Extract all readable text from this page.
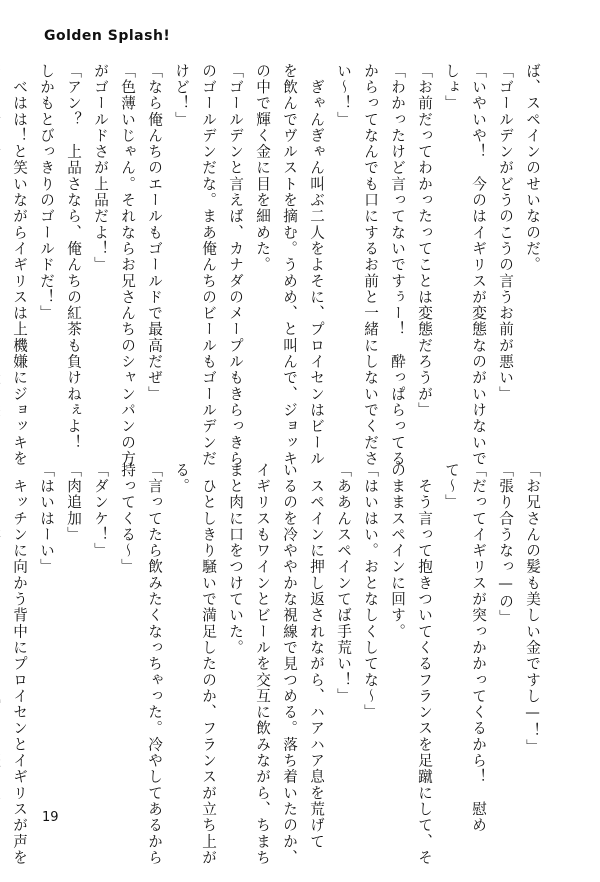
Golden Splash!
ば、スペインのせいなのだ。
「ゴールデンがどうのこうの言うお前が悪い」
「いやいや！　今のはイギリスが変態なのがいけないで
しょ」
「お前だってわかったってことは変態だろうが」
「わかったけど言ってないですぅー！　酔っぱらってる
からってなんでも口にするお前と一緒にしないでくださ
い〜！」
　ぎゃんぎゃん叫ぶ二人をよそに、プロイセンはビール
を飲んでヴルストを摘む。うめめ、と叫んで、ジョッキ
の中で輝く金に目を細めた。
「ゴールデンと言えば、カナダのメープルもきらっきら
のゴールデンだな。まあ俺んちのビールもゴールデンだ
けど！」
「なら俺んちのエールもゴールドで最高だぜ」
「色薄いじゃん。それならお兄さんちのシャンパンの方
がゴールドさが上品だよ！」
「アン？　上品さなら、俺んちの紅茶も負けねぇよ！
しかもとびっきりのゴールドだ！」
　べはは！と笑いながらイギリスは上機嫌にジョッキを
「お兄さんの髪も美しい金ですし—！」
「張り合うなっ—の」
「だってイギリスが突っかかってくるから！　慰め
て〜」
　そう言って抱きついてくるフランスを足蹴にして、そ
のままスペインに回す。
「はいはい。おとなしくしてな〜」
「ああんスペインてば手荒い！」
　スペインに押し返されながら、ハアハア息を荒げて
いるのを冷ややかな視線で見つめる。落ち着いたのか、
イギリスもワインとビールを交互に飲みながら、ちまち
まと肉に口をつけていた。
　ひとしきり騒いで満足したのか、フランスが立ち上が
る。
「言ってたら飲みたくなっちゃった。冷やしてあるから
持ってくる〜」
「ダンケ！」
「肉追加」
「はいはーい」
　キッチンに向かう背中にプロイセンとイギリスが声を	19
